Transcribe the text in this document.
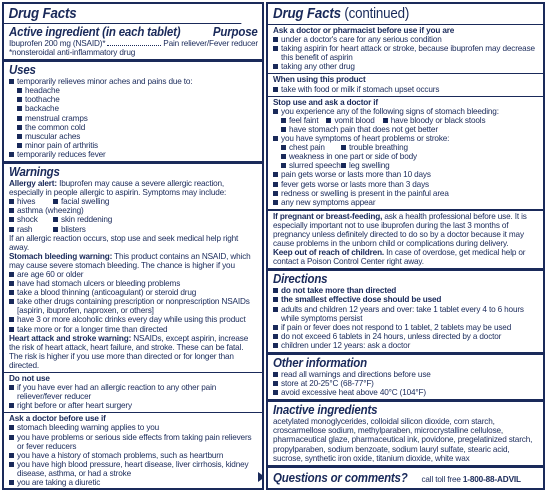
Drug Facts
Active ingredient (in each tablet)	Purpose
Ibuprofen 200 mg (NSAID)*	Pain reliever/Fever reducer
*nonsteroidal anti-inflammatory drug
Uses
temporarily relieves minor aches and pains due to:
headache
toothache
backache
menstrual cramps
the common cold
muscular aches
minor pain of arthritis
temporarily reduces fever
Warnings
Allergy alert: Ibuprofen may cause a severe allergic reaction, especially in people allergic to aspirin. Symptoms may include:
hives	facial swelling
asthma (wheezing)
shock	skin reddening
rash	blisters
If an allergic reaction occurs, stop use and seek medical help right away.
Stomach bleeding warning: This product contains an NSAID, which may cause severe stomach bleeding. The chance is higher if you
are age 60 or older
have had stomach ulcers or bleeding problems
take a blood thinning (anticoagulant) or steroid drug
take other drugs containing prescription or nonprescription NSAIDs [aspirin, ibuprofen, naproxen, or others]
have 3 or more alcoholic drinks every day while using this product
take more or for a longer time than directed
Heart attack and stroke warning: NSAIDs, except aspirin, increase the risk of heart attack, heart failure, and stroke. These can be fatal. The risk is higher if you use more than directed or for longer than directed.
Do not use
if you have ever had an allergic reaction to any other pain reliever/fever reducer
right before or after heart surgery
Ask a doctor before use if
stomach bleeding warning applies to you
you have problems or serious side effects from taking pain relievers or fever reducers
you have a history of stomach problems, such as heartburn
you have high blood pressure, heart disease, liver cirrhosis, kidney disease, asthma, or had a stroke
you are taking a diuretic
Drug Facts (continued)
Ask a doctor or pharmacist before use if you are
under a doctor's care for any serious condition
taking aspirin for heart attack or stroke, because ibuprofen may decrease this benefit of aspirin
taking any other drug
When using this product
take with food or milk if stomach upset occurs
Stop use and ask a doctor if
you experience any of the following signs of stomach bleeding:
feel faint	vomit blood	have bloody or black stools
have stomach pain that does not get better
you have symptoms of heart problems or stroke:
chest pain	trouble breathing
weakness in one part or side of body
slurred speech	leg swelling
pain gets worse or lasts more than 10 days
fever gets worse or lasts more than 3 days
redness or swelling is present in the painful area
any new symptoms appear
If pregnant or breast-feeding, ask a health professional before use. It is especially important not to use ibuprofen during the last 3 months of pregnancy unless definitely directed to do so by a doctor because it may cause problems in the unborn child or complications during delivery.
Keep out of reach of children. In case of overdose, get medical help or contact a Poison Control Center right away.
Directions
do not take more than directed
the smallest effective dose should be used
adults and children 12 years and over: take 1 tablet every 4 to 6 hours while symptoms persist
if pain or fever does not respond to 1 tablet, 2 tablets may be used
do not exceed 6 tablets in 24 hours, unless directed by a doctor
children under 12 years: ask a doctor
Other information
read all warnings and directions before use
store at 20-25°C (68-77°F)
avoid excessive heat above 40°C (104°F)
Inactive ingredients
acetylated monoglycerides, colloidal silicon dioxide, corn starch, croscarmellose sodium, methylparaben, microcrystalline cellulose, pharmaceutical glaze, pharmaceutical ink, povidone, pregelatinized starch, propylparaben, sodium benzoate, sodium lauryl sulfate, stearic acid, sucrose, synthetic iron oxide, titanium dioxide, white wax
Questions or comments? call toll free 1-800-88-ADVIL
